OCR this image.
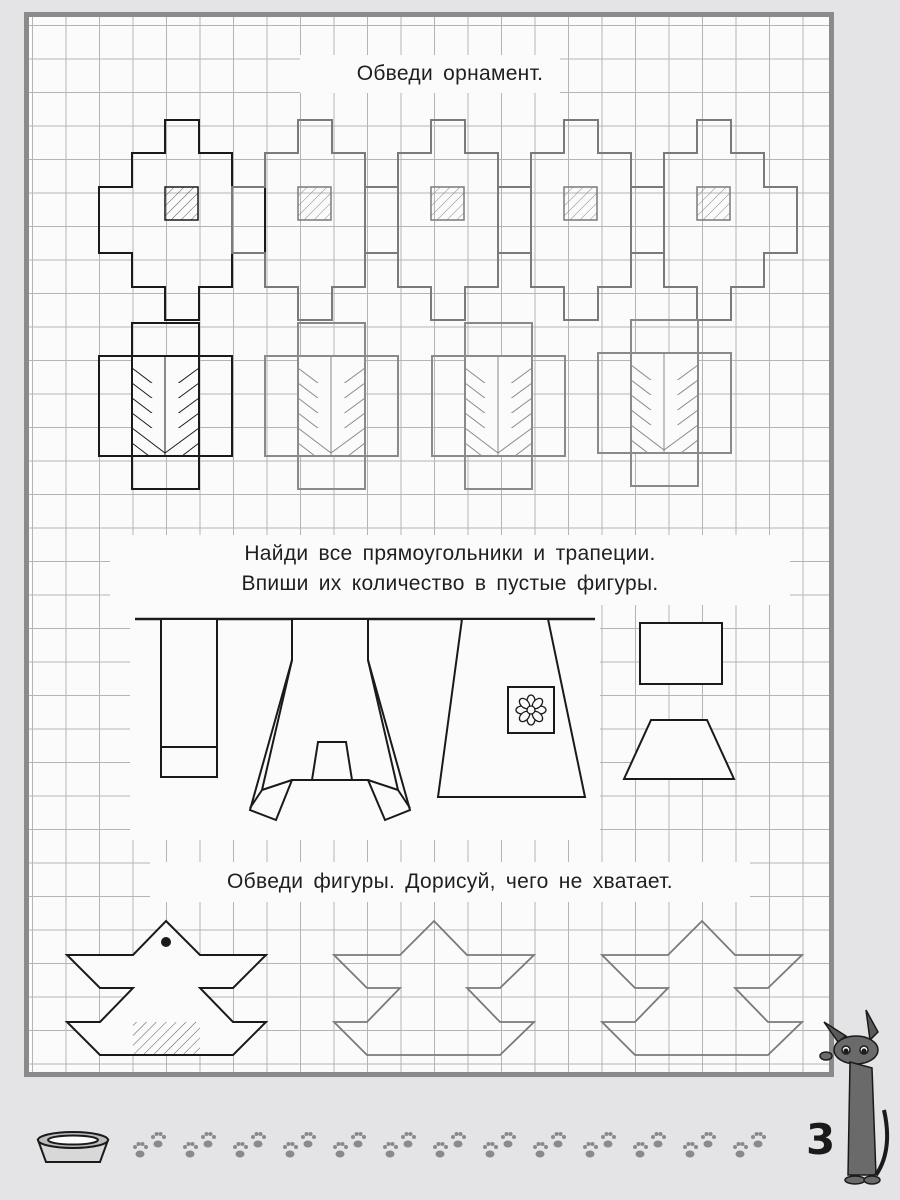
Обведи орнамент.
Найди все прямоугольники и трапеции.
Впиши их количество в пустые фигуры.
Обведи фигуры. Дорисуй, чего не хватает.
3
